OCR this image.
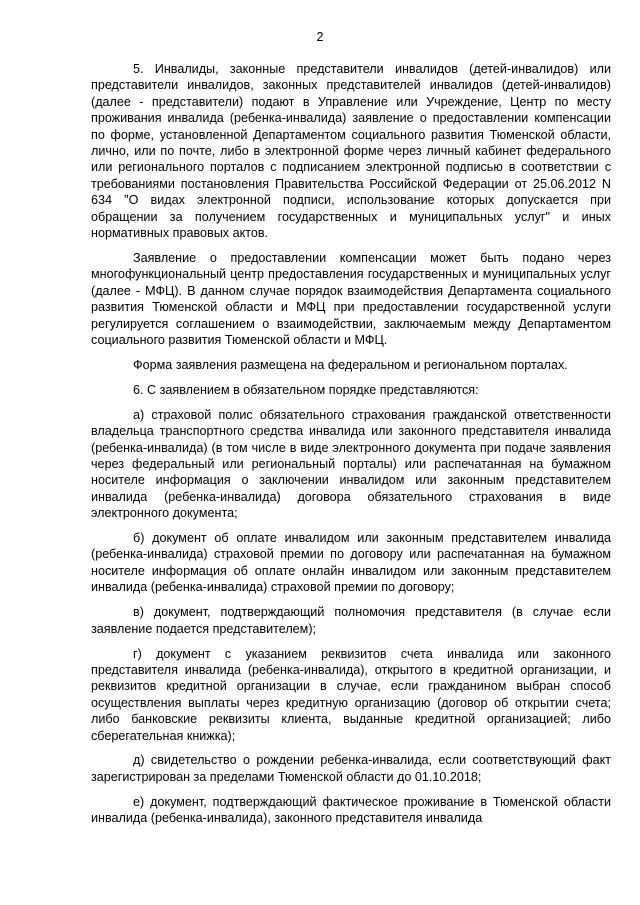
2

5. Инвалиды, законные представители инвалидов (детей-инвалидов) или представители инвалидов, законных представителей инвалидов (детей-инвалидов) (далее - представители) подают в Управление или Учреждение, Центр по месту проживания инвалида (ребенка-инвалида) заявление о предоставлении компенсации по форме, установленной Департаментом социального развития Тюменской области, лично, или по почте, либо в электронной форме через личный кабинет федерального или регионального порталов с подписанием электронной подписью в соответствии с требованиями постановления Правительства Российской Федерации от 25.06.2012 N 634 "О видах электронной подписи, использование которых допускается при обращении за получением государственных и муниципальных услуг" и иных нормативных правовых актов.

Заявление о предоставлении компенсации может быть подано через многофункциональный центр предоставления государственных и муниципальных услуг (далее - МФЦ). В данном случае порядок взаимодействия Департамента социального развития Тюменской области и МФЦ при предоставлении государственной услуги регулируется соглашением о взаимодействии, заключаемым между Департаментом социального развития Тюменской области и МФЦ.

Форма заявления размещена на федеральном и региональном порталах.

6. С заявлением в обязательном порядке представляются:

а) страховой полис обязательного страхования гражданской ответственности владельца транспортного средства инвалида или законного представителя инвалида (ребенка-инвалида) (в том числе в виде электронного документа при подаче заявления через федеральный или региональный порталы) или распечатанная на бумажном носителе информация о заключении инвалидом или законным представителем инвалида (ребенка-инвалида) договора обязательного страхования в виде электронного документа;

б) документ об оплате инвалидом или законным представителем инвалида (ребенка-инвалида) страховой премии по договору или распечатанная на бумажном носителе информация об оплате онлайн инвалидом или законным представителем инвалида (ребенка-инвалида) страховой премии по договору;

в) документ, подтверждающий полномочия представителя (в случае если заявление подается представителем);

г) документ с указанием реквизитов счета инвалида или законного представителя инвалида (ребенка-инвалида), открытого в кредитной организации, и реквизитов кредитной организации в случае, если гражданином выбран способ осуществления выплаты через кредитную организацию (договор об открытии счета; либо банковские реквизиты клиента, выданные кредитной организацией; либо сберегательная книжка);

д) свидетельство о рождении ребенка-инвалида, если соответствующий факт зарегистрирован за пределами Тюменской области до 01.10.2018;

е) документ, подтверждающий фактическое проживание в Тюменской области инвалида (ребенка-инвалида), законного представителя инвалида
